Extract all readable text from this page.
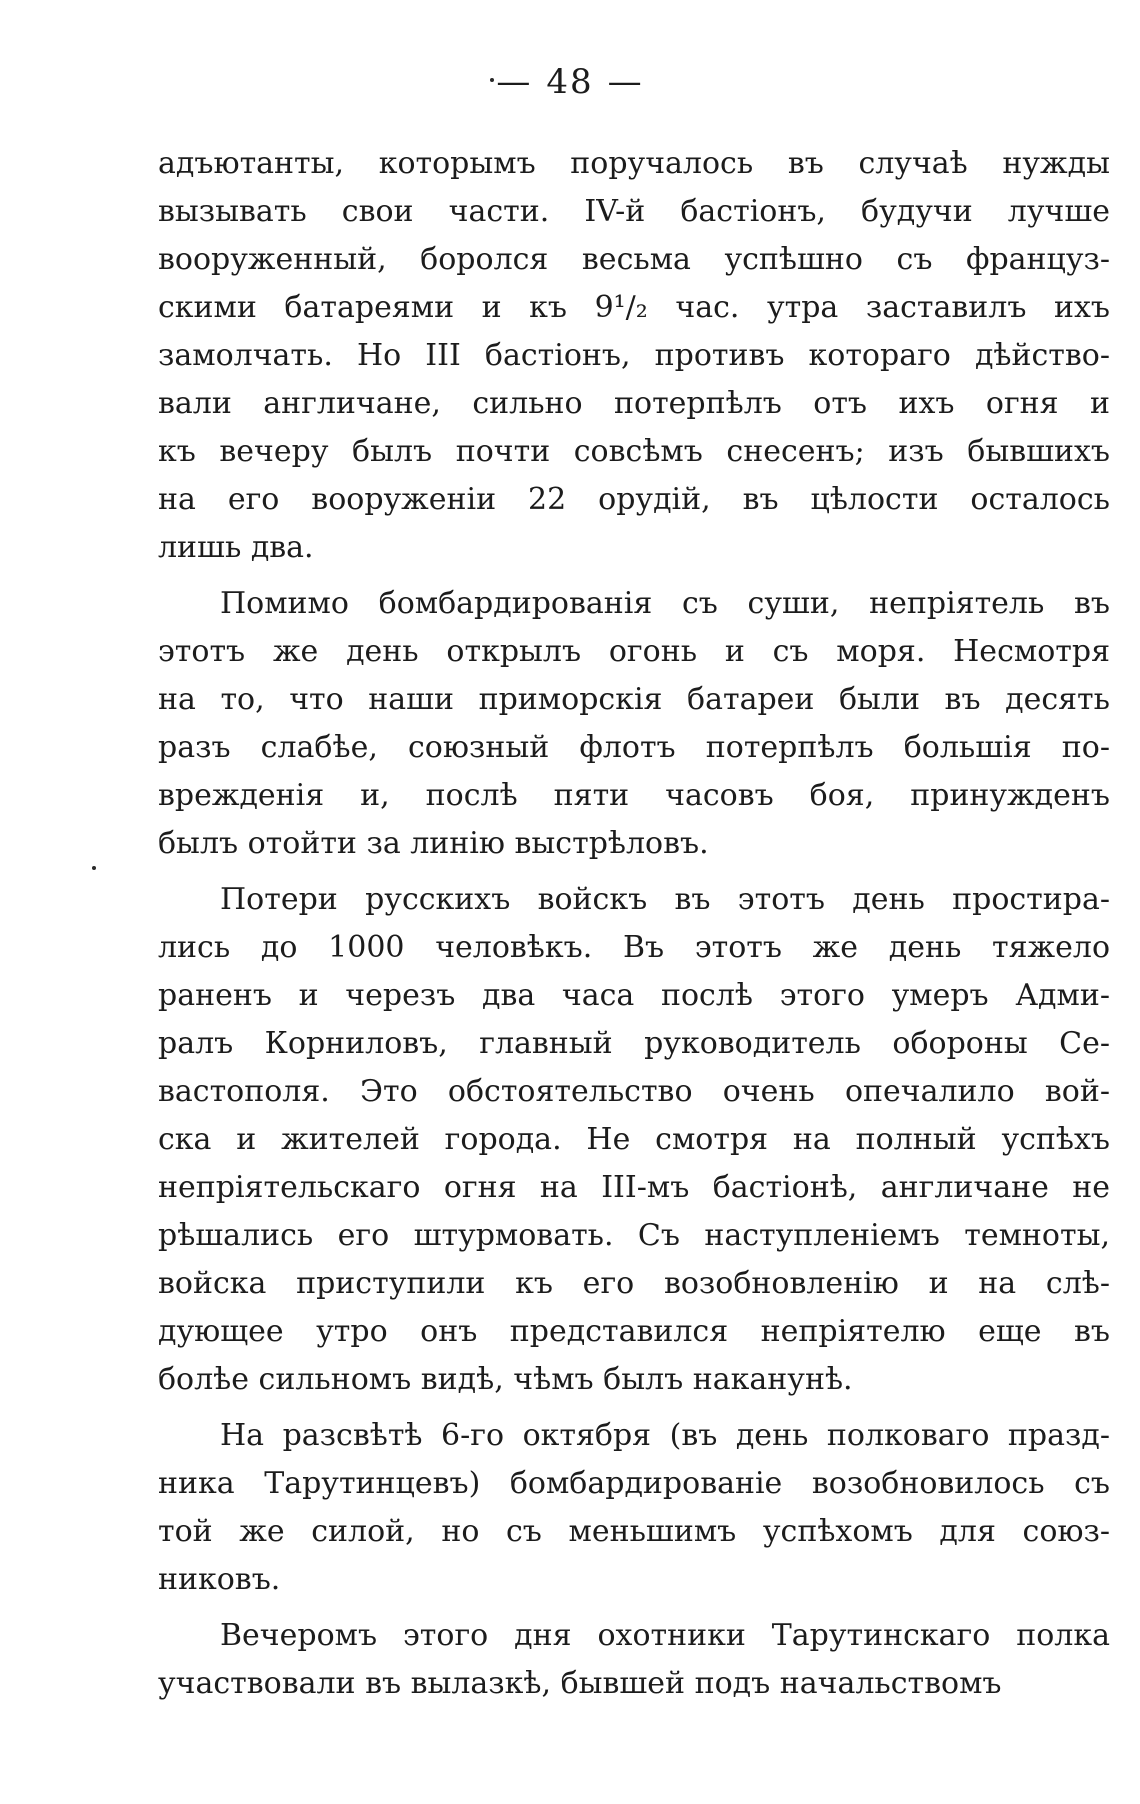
— 48 —
адъютанты, которымъ поручалось въ случаѣ нужды
вызывать свои части. IV-й бастіонъ, будучи лучше
вооруженный, боролся весьма успѣшно съ француз-
скими батареями и къ 9¹/₂ час. утра заставилъ ихъ
замолчать. Но III бастіонъ, противъ котораго дѣйство-
вали англичане, сильно потерпѣлъ отъ ихъ огня и
къ вечеру былъ почти совсѣмъ снесенъ; изъ бывшихъ
на его вооруженіи 22 орудій, въ цѣлости осталось
лишь два.
Помимо бомбардированія съ суши, непріятель въ
этотъ же день открылъ огонь и съ моря. Несмотря
на то, что наши приморскія батареи были въ десять
разъ слабѣе, союзный флотъ потерпѣлъ большія по-
врежденія и, послѣ пяти часовъ боя, принужденъ
былъ отойти за линію выстрѣловъ.
Потери русскихъ войскъ въ этотъ день простира-
лись до 1000 человѣкъ. Въ этотъ же день тяжело
раненъ и черезъ два часа послѣ этого умеръ Адми-
ралъ Корниловъ, главный руководитель обороны Се-
вастополя. Это обстоятельство очень опечалило вой-
ска и жителей города. Не смотря на полный успѣхъ
непріятельскаго огня на III-мъ бастіонѣ, англичане не
рѣшались его штурмовать. Съ наступленіемъ темноты,
войска приступили къ его возобновленію и на слѣ-
дующее утро онъ представился непріятелю еще въ
болѣе сильномъ видѣ, чѣмъ былъ наканунѣ.
На разсвѣтѣ 6-го октября (въ день полковаго празд-
ника Тарутинцевъ) бомбардированіе возобновилось съ
той же силой, но съ меньшимъ успѣхомъ для союз-
никовъ.
Вечеромъ этого дня охотники Тарутинскаго полка
участвовали въ вылазкѣ, бывшей подъ начальствомъ
